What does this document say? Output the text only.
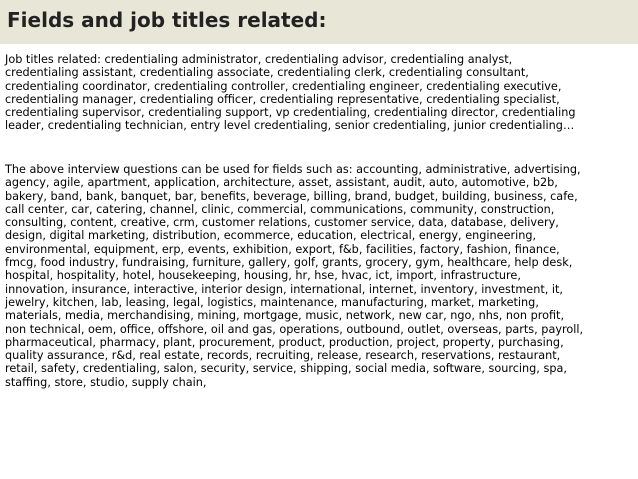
Fields and job titles related:

Job titles related: credentialing administrator, credentialing advisor, credentialing analyst,
credentialing assistant, credentialing associate, credentialing clerk, credentialing consultant,
credentialing coordinator, credentialing controller, credentialing engineer, credentialing executive,
credentialing manager, credentialing officer, credentialing representative, credentialing specialist,
credentialing supervisor, credentialing support, vp credentialing, credentialing director, credentialing
leader, credentialing technician, entry level credentialing, senior credentialing, junior credentialing…

The above interview questions can be used for fields such as: accounting, administrative, advertising,
agency, agile, apartment, application, architecture, asset, assistant, audit, auto, automotive, b2b,
bakery, band, bank, banquet, bar, benefits, beverage, billing, brand, budget, building, business, cafe,
call center, car, catering, channel, clinic, commercial, communications, community, construction,
consulting, content, creative, crm, customer relations, customer service, data, database, delivery,
design, digital marketing, distribution, ecommerce, education, electrical, energy, engineering,
environmental, equipment, erp, events, exhibition, export, f&b, facilities, factory, fashion, finance,
fmcg, food industry, fundraising, furniture, gallery, golf, grants, grocery, gym, healthcare, help desk,
hospital, hospitality, hotel, housekeeping, housing, hr, hse, hvac, ict, import, infrastructure,
innovation, insurance, interactive, interior design, international, internet, inventory, investment, it,
jewelry, kitchen, lab, leasing, legal, logistics, maintenance, manufacturing, market, marketing,
materials, media, merchandising, mining, mortgage, music, network, new car, ngo, nhs, non profit,
non technical, oem, office, offshore, oil and gas, operations, outbound, outlet, overseas, parts, payroll,
pharmaceutical, pharmacy, plant, procurement, product, production, project, property, purchasing,
quality assurance, r&d, real estate, records, recruiting, release, research, reservations, restaurant,
retail, safety, credentialing, salon, security, service, shipping, social media, software, sourcing, spa,
staffing, store, studio, supply chain,
